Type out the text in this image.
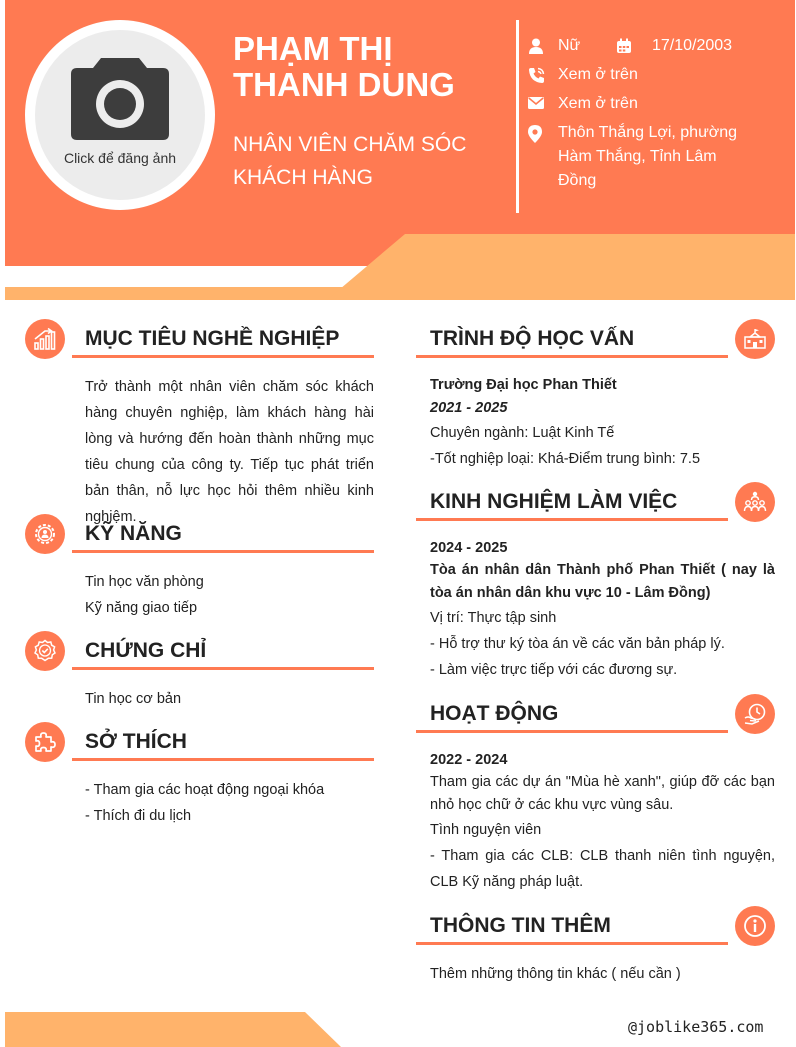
Click để đăng ảnh
PHẠM THỊ
THANH DUNG
NHÂN VIÊN CHĂM SÓC
KHÁCH HÀNG
Nữ	17/10/2003
Xem ở trên
Xem ở trên
Thôn Thắng Lợi, phường
Hàm Thắng, Tỉnh Lâm
Đồng
MỤC TIÊU NGHỀ NGHIỆP
Trở thành một nhân viên chăm sóc khách hàng chuyên nghiệp, làm khách hàng hài lòng và hướng đến hoàn thành những mục tiêu chung của công ty. Tiếp tục phát triển bản thân, nỗ lực học hỏi thêm nhiều kinh nghiệm.
KỸ NĂNG
Tin học văn phòng
Kỹ năng giao tiếp
CHỨNG CHỈ
Tin học cơ bản
SỞ THÍCH
- Tham gia các hoạt động ngoại khóa
- Thích đi du lịch
TRÌNH ĐỘ HỌC VẤN
Trường Đại học Phan Thiết
2021 - 2025
Chuyên ngành: Luật Kinh Tế
-Tốt nghiệp loại: Khá-Điểm trung bình: 7.5
KINH NGHIỆM LÀM VIỆC
2024 - 2025
Tòa án nhân dân Thành phố Phan Thiết ( nay là tòa án nhân dân khu vực 10 - Lâm Đồng)
Vị trí: Thực tập sinh
- Hỗ trợ thư ký tòa án về các văn bản pháp lý.
- Làm việc trực tiếp với các đương sự.
HOẠT ĐỘNG
2022 - 2024
Tham gia các dự án "Mùa hè xanh", giúp đỡ các bạn nhỏ học chữ ở các khu vực vùng sâu.
Tình nguyện viên
- Tham gia các CLB: CLB thanh niên tình nguyện, CLB Kỹ năng pháp luật.
THÔNG TIN THÊM
Thêm những thông tin khác ( nếu cần )
@joblike365.com
